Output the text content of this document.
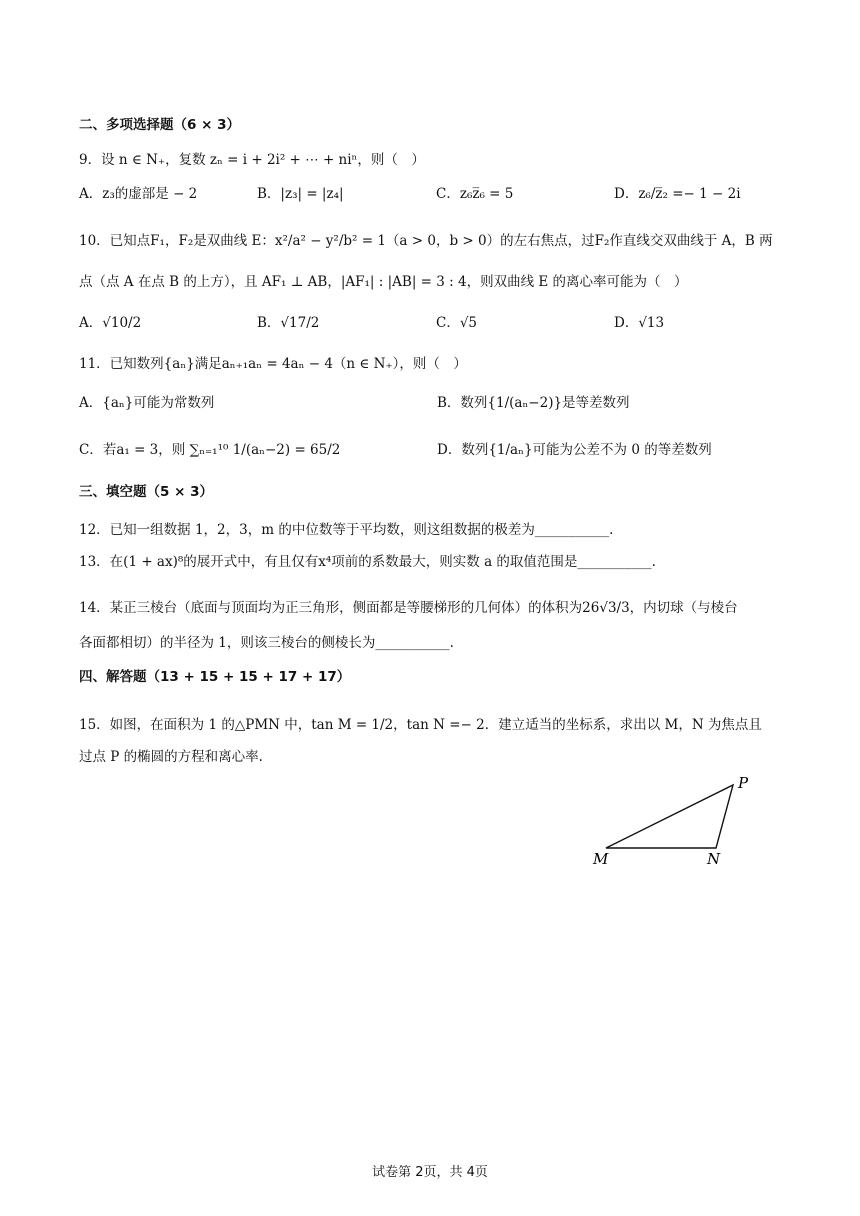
二、多项选择题（6 × 3）
9．设 n ∈ N₊，复数 zₙ = i + 2i² + ⋯ + niⁿ，则（　）
A．z₃的虚部是 − 2	B．|z₃| = |z₄|	C．z₆z̅₆ = 5	D．z₆/z̅₂ =− 1 − 2i
10．已知点F₁，F₂是双曲线 E：x²/a² − y²/b² = 1（a > 0，b > 0）的左右焦点，过F₂作直线交双曲线于 A，B 两
点（点 A 在点 B 的上方），且 AF₁ ⊥ AB，|AF₁| : |AB| = 3 : 4，则双曲线 E 的离心率可能为（　）
A．√10/2	B．√17/2	C．√5	D．√13
11．已知数列{aₙ}满足aₙ₊₁aₙ = 4aₙ − 4（n ∈ N₊），则（　）
A．{aₙ}可能为常数列	B．数列{1/(aₙ−2)}是等差数列
C．若a₁ = 3，则 ∑ₙ₌₁¹⁰ 1/(aₙ−2) = 65/2	D．数列{1/aₙ}可能为公差不为 0 的等差数列
三、填空题（5 × 3）
12．已知一组数据 1，2，3，m 的中位数等于平均数，则这组数据的极差为___________.
13．在(1 + ax)⁸的展开式中，有且仅有x⁴项前的系数最大，则实数 a 的取值范围是___________.
14．某正三棱台（底面与顶面均为正三角形，侧面都是等腰梯形的几何体）的体积为26√3/3，内切球（与棱台
各面都相切）的半径为 1，则该三棱台的侧棱长为___________.
四、解答题（13 + 15 + 15 + 17 + 17）
15．如图，在面积为 1 的△PMN 中，tan M = 1/2，tan N =− 2．建立适当的坐标系，求出以 M，N 为焦点且
过点 P 的椭圆的方程和离心率.
P
M	N
试卷第 2页，共 4页
